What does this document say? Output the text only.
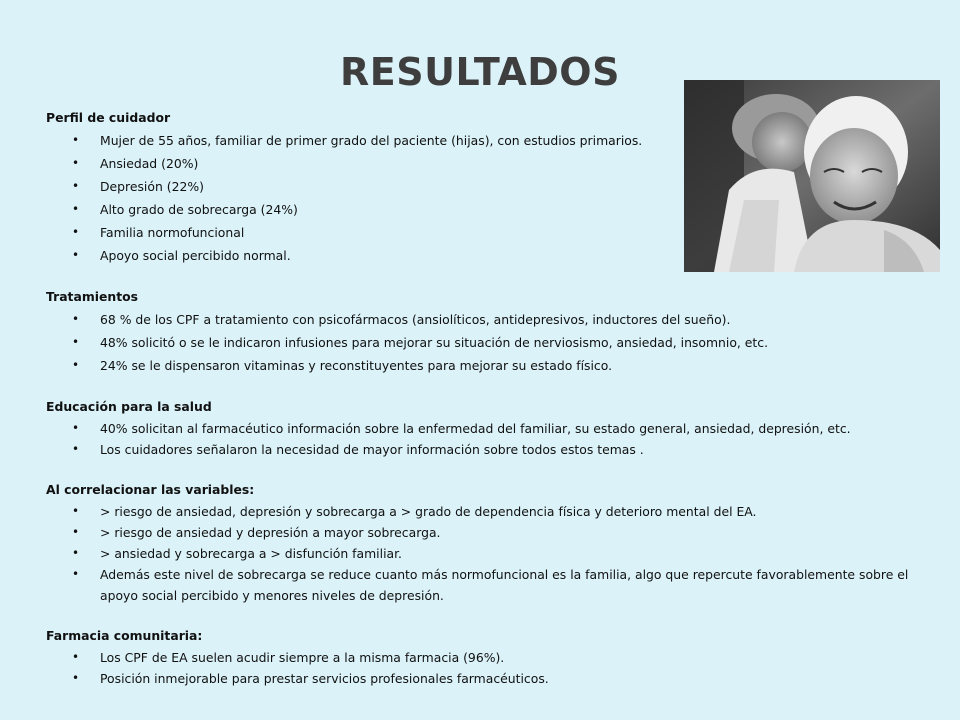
RESULTADOS
Perfil de cuidador
• Mujer de 55 años, familiar de primer grado del paciente (hijas), con estudios primarios.
• Ansiedad (20%)
• Depresión (22%)
• Alto grado de sobrecarga (24%)
• Familia normofuncional
• Apoyo social percibido normal.
Tratamientos
• 68 % de los CPF a tratamiento con psicofármacos (ansiolíticos, antidepresivos, inductores del sueño).
• 48% solicitó o se le indicaron infusiones para mejorar su situación de nerviosismo, ansiedad, insomnio, etc.
• 24% se le dispensaron vitaminas y reconstituyentes para mejorar su estado físico.
Educación para la salud
• 40% solicitan al farmacéutico información sobre la enfermedad del familiar, su estado general, ansiedad, depresión, etc.
• Los cuidadores señalaron la necesidad de mayor información sobre todos estos temas .
Al correlacionar las variables:
• > riesgo de ansiedad, depresión y sobrecarga a > grado de dependencia física y deterioro mental del EA.
• > riesgo de ansiedad y depresión a mayor sobrecarga.
• > ansiedad y sobrecarga a > disfunción familiar.
• Además este nivel de sobrecarga se reduce cuanto más normofuncional es la familia, algo que repercute favorablemente sobre el apoyo social percibido y menores niveles de depresión.
Farmacia comunitaria:
• Los CPF de EA suelen acudir siempre a la misma farmacia (96%).
• Posición inmejorable para prestar servicios profesionales farmacéuticos.
